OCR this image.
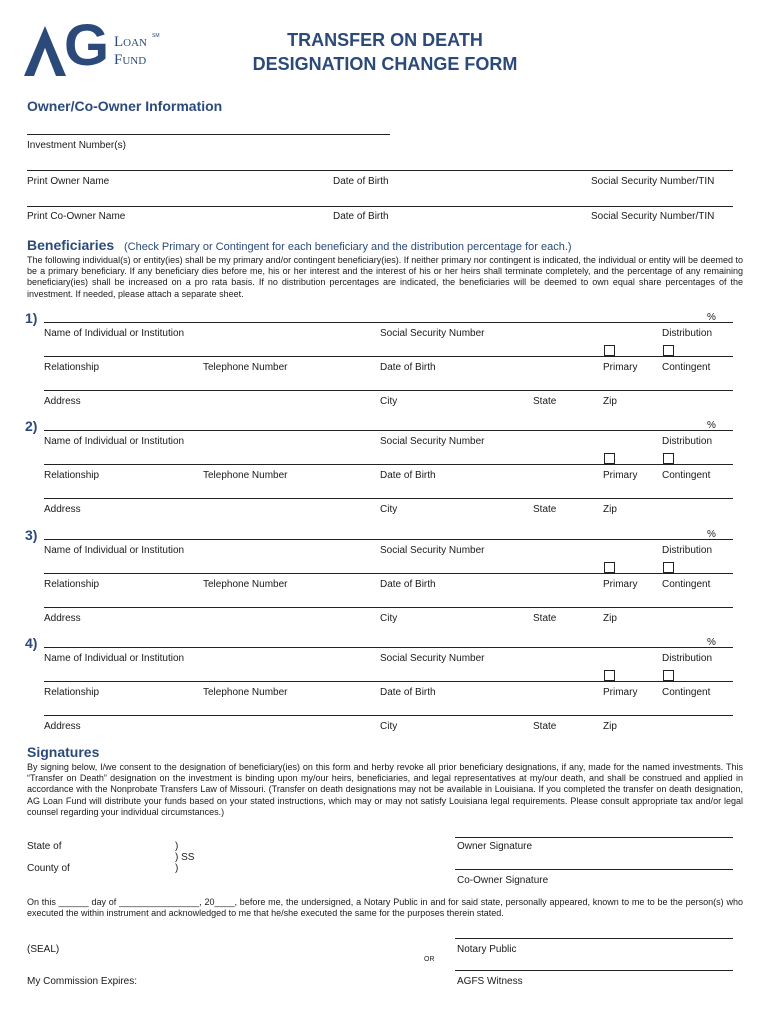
G Loan
Fund
SM	TRANSFER ON DEATH
DESIGNATION CHANGE FORM
Owner/Co-Owner Information
Investment Number(s)
Print Owner Name	Date of Birth	Social Security Number/TIN
Print Co-Owner Name	Date of Birth	Social Security Number/TIN
Beneficiaries (Check Primary or Contingent for each beneficiary and the distribution percentage for each.)
The following individual(s) or entity(ies) shall be my primary and/or contingent beneficiary(ies). If neither primary nor contingent is indicated, the individual or entity will be deemed to be a primary beneficiary. If any beneficiary dies before me, his or her interest and the interest of his or her heirs shall terminate completely, and the percentage of any remaining beneficiary(ies) shall be increased on a pro rata basis. If no distribution percentages are indicated, the beneficiaries will be deemed to own equal share percentages of the investment. If needed, please attach a separate sheet.
1)	%
Name of Individual or Institution	Social Security Number	Distribution
Relationship	Telephone Number	Date of Birth	Primary Contingent
Address	City	State	Zip
2)	%
Name of Individual or Institution	Social Security Number	Distribution
Relationship	Telephone Number	Date of Birth	Primary Contingent
Address	City	State	Zip
3)	%
Name of Individual or Institution	Social Security Number	Distribution
Relationship	Telephone Number	Date of Birth	Primary Contingent
Address	City	State	Zip
4)	%
Name of Individual or Institution	Social Security Number	Distribution
Relationship	Telephone Number	Date of Birth	Primary Contingent
Address	City	State	Zip
Signatures
By signing below, I/we consent to the designation of beneficiary(ies) on this form and herby revoke all prior beneficiary designations, if any, made for the named investments. This “Transfer on Death” designation on the investment is binding upon my/our heirs, beneficiaries, and legal representatives at my/our death, and shall be construed and applied in accordance with the Nonprobate Transfers Law of Missouri. (Transfer on death designations may not be available in Louisiana. If you completed the transfer on death designation, AG Loan Fund will distribute your funds based on your stated instructions, which may or may not satisfy Louisiana legal requirements. Please consult appropriate tax and/or legal counsel regarding your individual circumstances.)
State of
County of
)
) SS
)
Owner Signature
Co-Owner Signature
On this ______ day of ________________, 20____, before me, the undersigned, a Notary Public in and for said state, personally appeared, known to me to be the person(s) who executed the within instrument and acknowledged to me that he/she executed the same for the purposes therein stated.
(SEAL)	Notary Public
OR
AGFS Witness
My Commission Expires:
